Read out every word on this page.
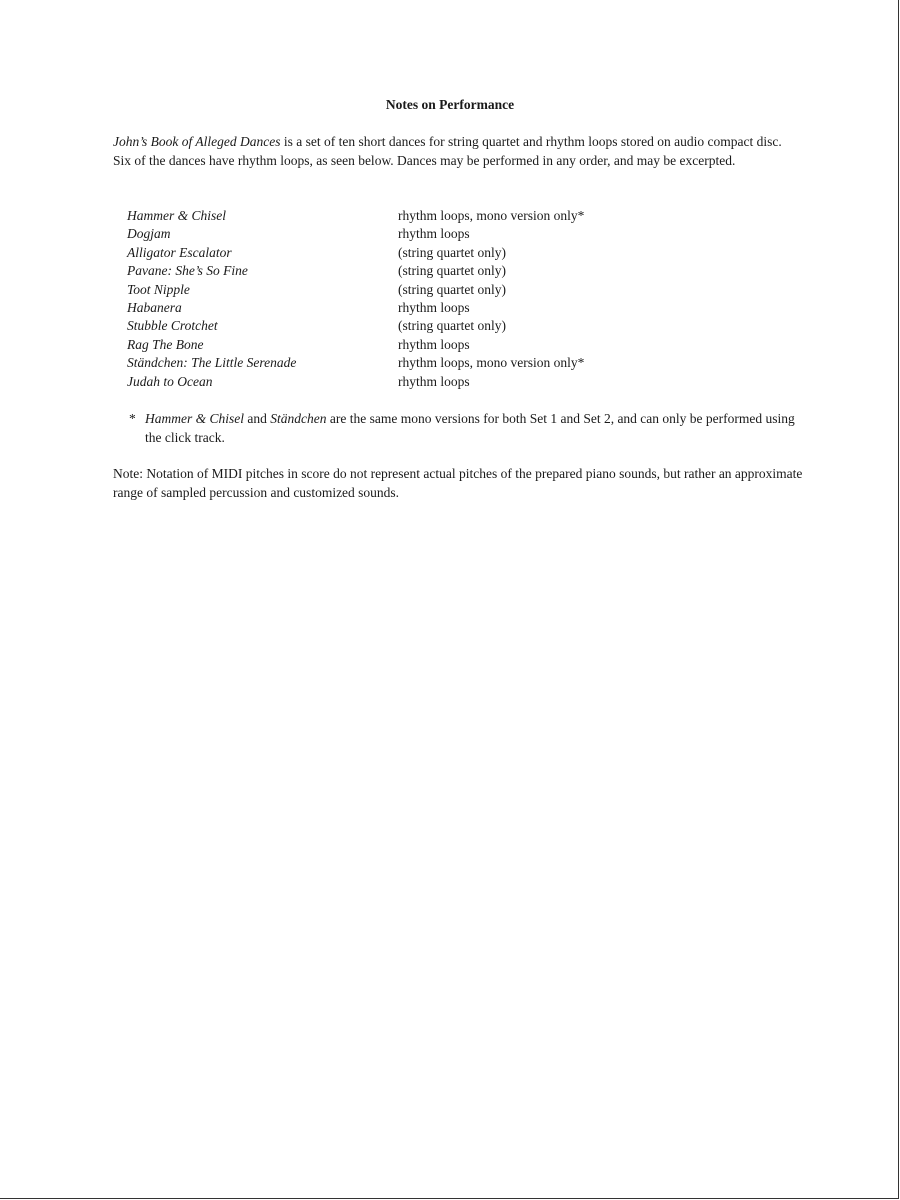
Notes on Performance
John’s Book of Alleged Dances is a set of ten short dances for string quartet and rhythm loops stored on audio compact disc. Six of the dances have rhythm loops, as seen below. Dances may be performed in any order, and may be excerpted.
Hammer & Chisel	rhythm loops, mono version only*
Dogjam	rhythm loops
Alligator Escalator	(string quartet only)
Pavane: She’s So Fine	(string quartet only)
Toot Nipple	(string quartet only)
Habanera	rhythm loops
Stubble Crotchet	(string quartet only)
Rag The Bone	rhythm loops
Ständchen: The Little Serenade	rhythm loops, mono version only*
Judah to Ocean	rhythm loops
* Hammer & Chisel and Ständchen are the same mono versions for both Set 1 and Set 2, and can only be performed using the click track.
Note: Notation of MIDI pitches in score do not represent actual pitches of the prepared piano sounds, but rather an approximate range of sampled percussion and customized sounds.
